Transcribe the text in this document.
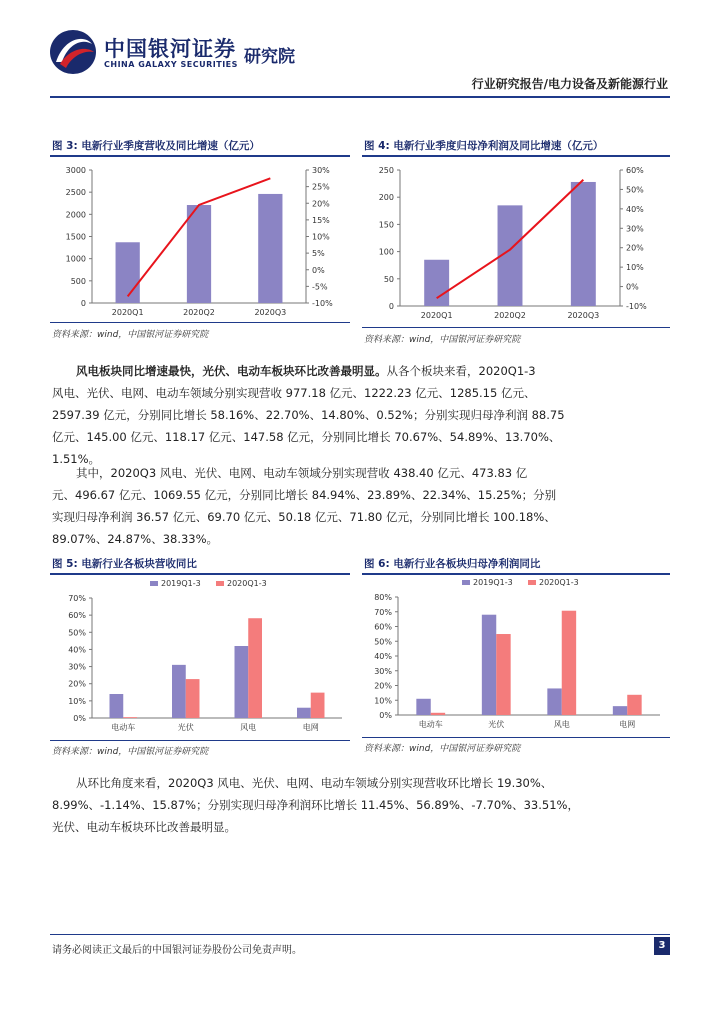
中国银河证券
CHINA GALAXY SECURITIES 研究院
行业研究报告/电力设备及新能源行业
图 3: 电新行业季度营收及同比增速（亿元）
0
500
1000
1500
2000
2500
3000
-10%
-5%
0%
5%
10%
15%
20%
25%
30%
2020Q1	2020Q2	2020Q3
资料来源：wind，中国银河证券研究院
图 4: 电新行业季度归母净利润及同比增速（亿元）
0
50
100
150
200
250
-10%
0%
10%
20%
30%
40%
50%
60%
2020Q1	2020Q2	2020Q3
资料来源：wind，中国银河证券研究院
风电板块同比增速最快，光伏、电动车板块环比改善最明显。从各个板块来看，2020Q1-3
风电、光伏、电网、电动车领域分别实现营收 977.18 亿元、1222.23 亿元、1285.15 亿元、
2597.39 亿元，分别同比增长 58.16%、22.70%、14.80%、0.52%；分别实现归母净利润 88.75
亿元、145.00 亿元、118.17 亿元、147.58 亿元，分别同比增长 70.67%、54.89%、13.70%、
1.51%。
其中，2020Q3 风电、光伏、电网、电动车领域分别实现营收 438.40 亿元、473.83 亿
元、496.67 亿元、1069.55 亿元，分别同比增长 84.94%、23.89%、22.34%、15.25%；分别
实现归母净利润 36.57 亿元、69.70 亿元、50.18 亿元、71.80 亿元，分别同比增长 100.18%、
89.07%、24.87%、38.33%。
图 5: 电新行业各板块营收同比
0%
10%
20%
30%
40%
50%
60%
70%
电动车	光伏	风电	电网
2019Q1-3	2020Q1-3
资料来源：wind，中国银河证券研究院
图 6: 电新行业各板块归母净利润同比
0%
10%
20%
30%
40%
50%
60%
70%
80%
电动车	光伏	风电	电网
2019Q1-3	2020Q1-3
资料来源：wind，中国银河证券研究院
从环比角度来看，2020Q3 风电、光伏、电网、电动车领域分别实现营收环比增长 19.30%、
8.99%、-1.14%、15.87%；分别实现归母净利润环比增长 11.45%、56.89%、-7.70%、33.51%，
光伏、电动车板块环比改善最明显。
请务必阅读正文最后的中国银河证券股份公司免责声明。	3
